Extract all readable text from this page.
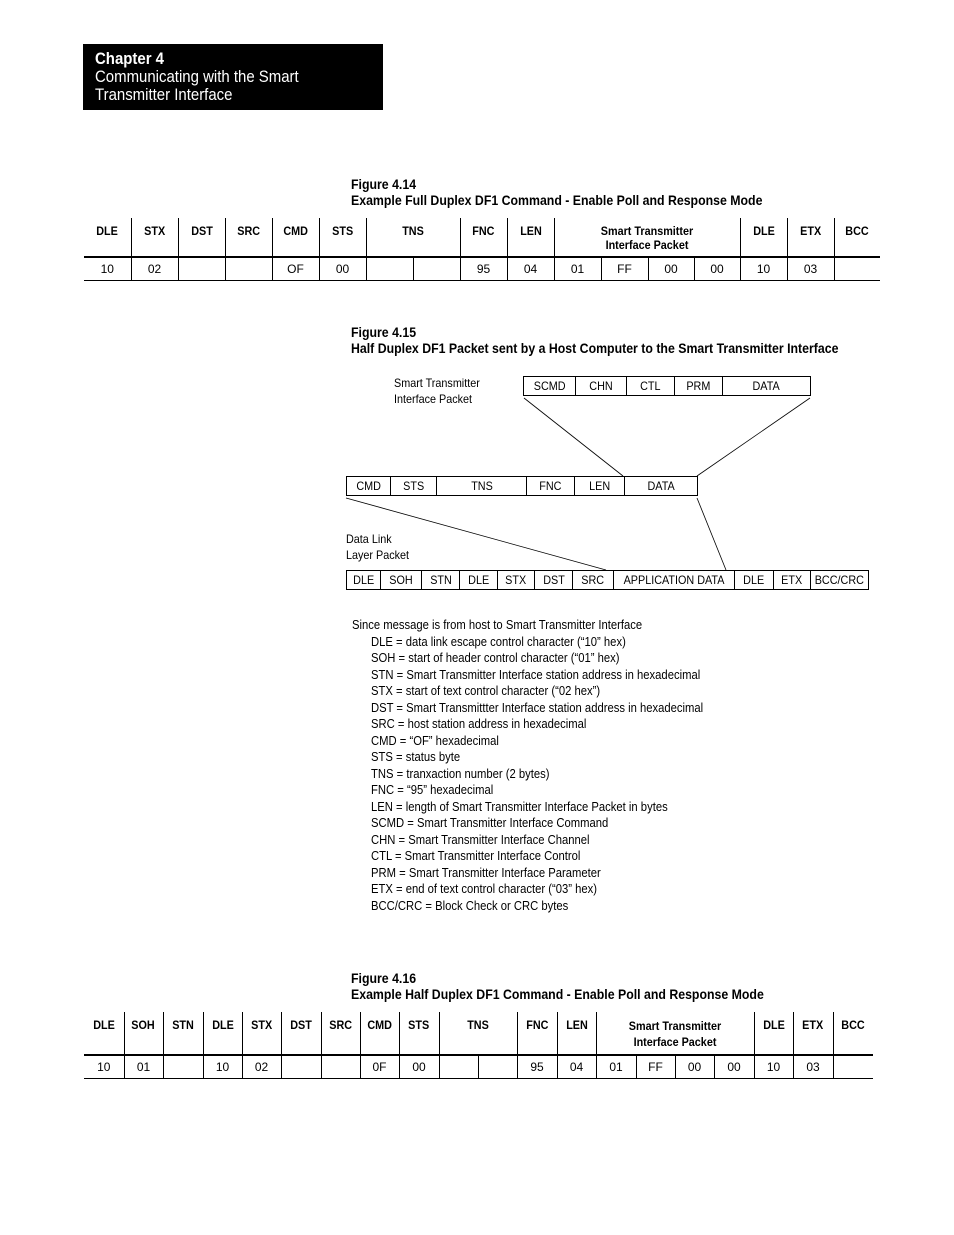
Chapter 4
Communicating with the Smart
Transmitter Interface
Figure 4.14
Example Full Duplex DF1 Command - Enable Poll and Response Mode
DLE	STX	DST	SRC	CMD	STS	TNS		FNC	LEN	Smart Transmitter Interface Packet				DLE	ETX	BCC
10	02			OF	00			95	04	01	FF	00	00	10	03	
Figure 4.15
Half Duplex DF1 Packet sent by a Host Computer to the Smart Transmitter Interface
Smart Transmitter
Interface Packet
SCMD	CHN	CTL	PRM	DATA
CMD	STS	TNS	FNC	LEN	DATA
Data Link
Layer Packet
DLE	SOH	STN	DLE	STX	DST	SRC	APPLICATION DATA	DLE	ETX	BCC/CRC
Since message is from host to Smart Transmitter Interface
DLE = data link escape control character (“10” hex)
SOH = start of header control character (“01” hex)
STN = Smart Transmitter Interface station address in hexadecimal
STX = start of text control character (“02 hex”)
DST = Smart Transmittter Interface station address in hexadecimal
SRC = host station address in hexadecimal
CMD = “OF” hexadecimal
STS = status byte
TNS = tranxaction number (2 bytes)
FNC = “95” hexadecimal
LEN = length of Smart Transmitter Interface Packet in bytes
SCMD = Smart Transmitter Interface Command
CHN = Smart Transmitter Interface Channel
CTL = Smart Transmitter Interface Control
PRM = Smart Transmitter Interface Parameter
ETX = end of text control character (“03” hex)
BCC/CRC = Block Check or CRC bytes
Figure 4.16
Example Half Duplex DF1 Command - Enable Poll and Response Mode
DLE	SOH	STN	DLE	STX	DST	SRC	CMD	STS	TNS		FNC	LEN	Smart Transmitter Interface Packet				DLE	ETX	BCC
10	01		10	02			0F	00			95	04	01	FF	00	00	10	03	
